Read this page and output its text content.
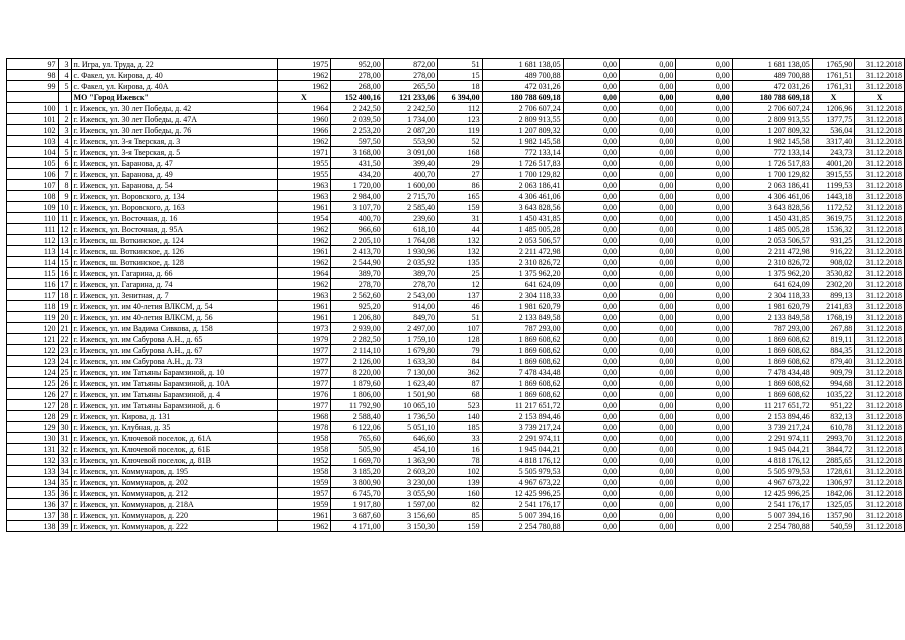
97	3	п. Игра, ул. Труда, д. 22	1975	952,00	872,00	51	1 681 138,05	0,00	0,00	0,00	1 681 138,05	1765,90	31.12.2018
98	4	с. Факел, ул. Кирова, д. 40	1962	278,00	278,00	15	489 700,88	0,00	0,00	0,00	489 700,88	1761,51	31.12.2018
99	5	с. Факел, ул. Кирова, д. 40А	1962	268,00	265,50	18	472 031,26	0,00	0,00	0,00	472 031,26	1761,31	31.12.2018
		МО "Город Ижевск"	X	152 400,16	121 233,06	6 394,00	180 788 609,18	0,00	0,00	0,00	180 788 609,18	X	X
100	1	г. Ижевск, ул. 30 лет Победы, д. 42	1964	2 242,50	2 242,50	112	2 706 607,24	0,00	0,00	0,00	2 706 607,24	1206,96	31.12.2018
101	2	г. Ижевск, ул. 30 лет Победы, д. 47А	1960	2 039,50	1 734,00	123	2 809 913,55	0,00	0,00	0,00	2 809 913,55	1377,75	31.12.2018
102	3	г. Ижевск, ул. 30 лет Победы, д. 76	1966	2 253,20	2 087,20	119	1 207 809,32	0,00	0,00	0,00	1 207 809,32	536,04	31.12.2018
103	4	г. Ижевск, ул. 3-я Тверская, д. 3	1962	597,50	553,90	52	1 982 145,58	0,00	0,00	0,00	1 982 145,58	3317,40	31.12.2018
104	5	г. Ижевск, ул. 3-я Тверская, д. 5	1971	3 168,00	3 091,00	168	772 133,14	0,00	0,00	0,00	772 133,14	243,73	31.12.2018
105	6	г. Ижевск, ул. Баранова, д. 47	1955	431,50	399,40	29	1 726 517,83	0,00	0,00	0,00	1 726 517,83	4001,20	31.12.2018
106	7	г. Ижевск, ул. Баранова, д. 49	1955	434,20	400,70	27	1 700 129,82	0,00	0,00	0,00	1 700 129,82	3915,55	31.12.2018
107	8	г. Ижевск, ул. Баранова, д. 54	1963	1 720,00	1 600,00	86	2 063 186,41	0,00	0,00	0,00	2 063 186,41	1199,53	31.12.2018
108	9	г. Ижевск, ул. Воровского, д. 134	1963	2 984,00	2 715,70	165	4 306 461,06	0,00	0,00	0,00	4 306 461,06	1443,18	31.12.2018
109	10	г. Ижевск, ул. Воровского, д. 163	1961	3 107,70	2 585,40	159	3 643 828,56	0,00	0,00	0,00	3 643 828,56	1172,52	31.12.2018
110	11	г. Ижевск, ул. Восточная, д. 16	1954	400,70	239,60	31	1 450 431,85	0,00	0,00	0,00	1 450 431,85	3619,75	31.12.2018
111	12	г. Ижевск, ул. Восточная, д. 95А	1962	966,60	618,10	44	1 485 005,28	0,00	0,00	0,00	1 485 005,28	1536,32	31.12.2018
112	13	г. Ижевск, ш. Воткинское, д. 124	1962	2 205,10	1 764,08	132	2 053 506,57	0,00	0,00	0,00	2 053 506,57	931,25	31.12.2018
113	14	г. Ижевск, ш. Воткинское, д. 126	1961	2 413,70	1 930,96	132	2 211 472,98	0,00	0,00	0,00	2 211 472,98	916,22	31.12.2018
114	15	г. Ижевск, ш. Воткинское, д. 128	1962	2 544,90	2 035,92	135	2 310 826,72	0,00	0,00	0,00	2 310 826,72	908,02	31.12.2018
115	16	г. Ижевск, ул. Гагарина, д. 66	1964	389,70	389,70	25	1 375 962,20	0,00	0,00	0,00	1 375 962,20	3530,82	31.12.2018
116	17	г. Ижевск, ул. Гагарина, д. 74	1962	278,70	278,70	12	641 624,09	0,00	0,00	0,00	641 624,09	2302,20	31.12.2018
117	18	г. Ижевск, ул. Зенитная, д. 7	1963	2 562,60	2 543,00	137	2 304 118,33	0,00	0,00	0,00	2 304 118,33	899,13	31.12.2018
118	19	г. Ижевск, ул. им 40-летия ВЛКСМ, д. 54	1961	925,20	914,00	46	1 981 620,79	0,00	0,00	0,00	1 981 620,79	2141,83	31.12.2018
119	20	г. Ижевск, ул. им 40-летия ВЛКСМ, д. 56	1961	1 206,80	849,70	51	2 133 849,58	0,00	0,00	0,00	2 133 849,58	1768,19	31.12.2018
120	21	г. Ижевск, ул. им Вадима Сивкова, д. 158	1973	2 939,00	2 497,00	107	787 293,00	0,00	0,00	0,00	787 293,00	267,88	31.12.2018
121	22	г. Ижевск, ул. им Сабурова А.Н., д. 65	1979	2 282,50	1 759,10	128	1 869 608,62	0,00	0,00	0,00	1 869 608,62	819,11	31.12.2018
122	23	г. Ижевск, ул. им Сабурова А.Н., д. 67	1977	2 114,10	1 679,80	79	1 869 608,62	0,00	0,00	0,00	1 869 608,62	884,35	31.12.2018
123	24	г. Ижевск, ул. им Сабурова А.Н., д. 73	1977	2 126,00	1 633,30	84	1 869 608,62	0,00	0,00	0,00	1 869 608,62	879,40	31.12.2018
124	25	г. Ижевск, ул. им Татьяны Барамзиной, д. 10	1977	8 220,00	7 130,00	362	7 478 434,48	0,00	0,00	0,00	7 478 434,48	909,79	31.12.2018
125	26	г. Ижевск, ул. им Татьяны Барамзиной, д. 10А	1977	1 879,60	1 623,40	87	1 869 608,62	0,00	0,00	0,00	1 869 608,62	994,68	31.12.2018
126	27	г. Ижевск, ул. им Татьяны Барамзиной, д. 4	1976	1 806,00	1 501,90	68	1 869 608,62	0,00	0,00	0,00	1 869 608,62	1035,22	31.12.2018
127	28	г. Ижевск, ул. им Татьяны Барамзиной, д. 6	1977	11 792,90	10 065,10	523	11 217 651,72	0,00	0,00	0,00	11 217 651,72	951,22	31.12.2018
128	29	г. Ижевск, ул. Кирова, д. 131	1968	2 588,40	1 736,50	140	2 153 894,46	0,00	0,00	0,00	2 153 894,46	832,13	31.12.2018
129	30	г. Ижевск, ул. Клубная, д. 35	1978	6 122,06	5 051,10	185	3 739 217,24	0,00	0,00	0,00	3 739 217,24	610,78	31.12.2018
130	31	г. Ижевск, ул. Ключевой поселок, д. 61А	1958	765,60	646,60	33	2 291 974,11	0,00	0,00	0,00	2 291 974,11	2993,70	31.12.2018
131	32	г. Ижевск, ул. Ключевой поселок, д. 61Б	1958	505,90	454,10	16	1 945 044,21	0,00	0,00	0,00	1 945 044,21	3844,72	31.12.2018
132	33	г. Ижевск, ул. Ключевой поселок, д. 81В	1952	1 669,70	1 363,90	78	4 818 176,12	0,00	0,00	0,00	4 818 176,12	2885,65	31.12.2018
133	34	г. Ижевск, ул. Коммунаров, д. 195	1958	3 185,20	2 603,20	102	5 505 979,53	0,00	0,00	0,00	5 505 979,53	1728,61	31.12.2018
134	35	г. Ижевск, ул. Коммунаров, д. 202	1959	3 800,90	3 230,00	139	4 967 673,22	0,00	0,00	0,00	4 967 673,22	1306,97	31.12.2018
135	36	г. Ижевск, ул. Коммунаров, д. 212	1957	6 745,70	3 055,90	160	12 425 996,25	0,00	0,00	0,00	12 425 996,25	1842,06	31.12.2018
136	37	г. Ижевск, ул. Коммунаров, д. 218А	1959	1 917,80	1 597,00	82	2 541 176,17	0,00	0,00	0,00	2 541 176,17	1325,05	31.12.2018
137	38	г. Ижевск, ул. Коммунаров, д. 220	1961	3 687,60	3 156,60	85	5 007 394,16	0,00	0,00	0,00	5 007 394,16	1357,90	31.12.2018
138	39	г. Ижевск, ул. Коммунаров, д. 222	1962	4 171,00	3 150,30	159	2 254 780,88	0,00	0,00	0,00	2 254 780,88	540,59	31.12.2018
